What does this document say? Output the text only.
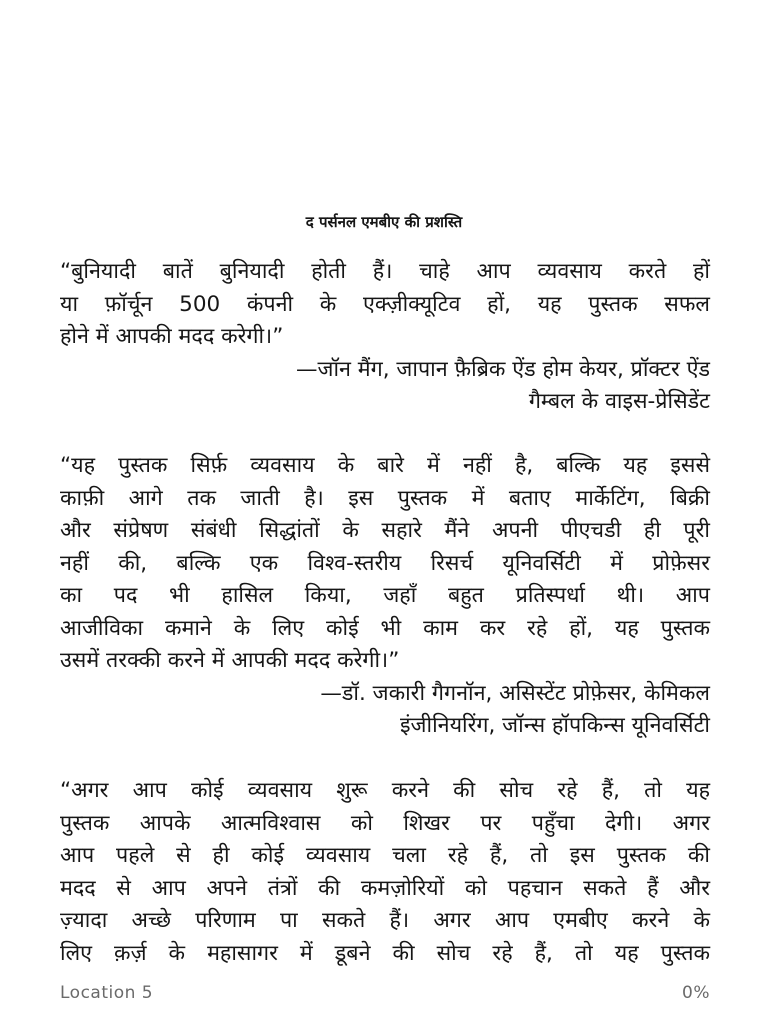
द पर्सनल एमबीए की प्रशस्ति

“बुनियादी बातें बुनियादी होती हैं। चाहे आप व्यवसाय करते हों
या फ़ॉर्चून 500 कंपनी के एक्ज़ीक्यूटिव हों, यह पुस्तक सफल
होने में आपकी मदद करेगी।”

—जॉन मैंग, जापान फ़ैब्रिक ऐंड होम केयर, प्रॉक्टर ऐंड
गैम्बल के वाइस-प्रेसिडेंट

“यह पुस्तक सिर्फ़ व्यवसाय के बारे में नहीं है, बल्कि यह इससे
काफ़ी आगे तक जाती है। इस पुस्तक में बताए मार्केटिंग, बिक्री
और संप्रेषण संबंधी सिद्धांतों के सहारे मैंने अपनी पीएचडी ही पूरी
नहीं की, बल्कि एक विश्व-स्तरीय रिसर्च यूनिवर्सिटी में प्रोफ़ेसर
का पद भी हासिल किया, जहाँ बहुत प्रतिस्पर्धा थी। आप
आजीविका कमाने के लिए कोई भी काम कर रहे हों, यह पुस्तक
उसमें तरक्की करने में आपकी मदद करेगी।”

—डॉ. जकारी गैगनॉन, असिस्टेंट प्रोफ़ेसर, केमिकल
इंजीनियरिंग, जॉन्स हॉपकिन्स यूनिवर्सिटी

“अगर आप कोई व्यवसाय शुरू करने की सोच रहे हैं, तो यह
पुस्तक आपके आत्मविश्वास को शिखर पर पहुँचा देगी। अगर
आप पहले से ही कोई व्यवसाय चला रहे हैं, तो इस पुस्तक की
मदद से आप अपने तंत्रों की कमज़ोरियों को पहचान सकते हैं और
ज़्यादा अच्छे परिणाम पा सकते हैं। अगर आप एमबीए करने के
लिए क़र्ज़ के महासागर में डूबने की सोच रहे हैं, तो यह पुस्तक

Location 5	0%
